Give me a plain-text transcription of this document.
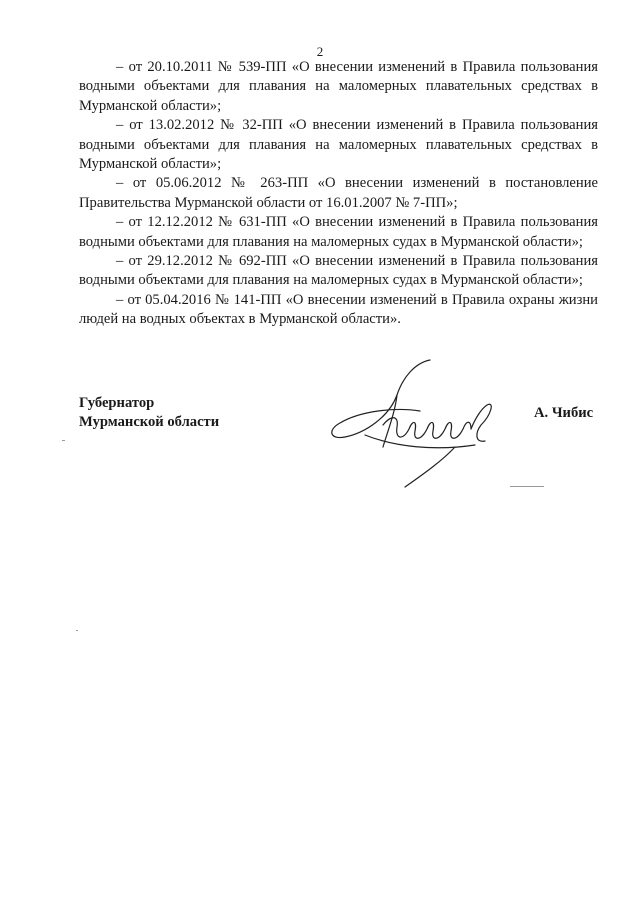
2

– от 20.10.2011 № 539-ПП «О внесении изменений в Правила пользования водными объектами для плавания на маломерных плавательных средствах в Мурманской области»;

– от 13.02.2012 № 32-ПП «О внесении изменений в Правила пользования водными объектами для плавания на маломерных плавательных средствах в Мурманской области»;

– от 05.06.2012 № 263-ПП «О внесении изменений в постановление Правительства Мурманской области от 16.01.2007 № 7-ПП»;

– от 12.12.2012 № 631-ПП «О внесении изменений в Правила пользования водными объектами для плавания на маломерных судах в Мурманской области»;

– от 29.12.2012 № 692-ПП «О внесении изменений в Правила пользования водными объектами для плавания на маломерных судах в Мурманской области»;

– от 05.04.2016 № 141-ПП «О внесении изменений в Правила охраны жизни людей на водных объектах в Мурманской области».

Губернатор
Мурманской области
А. Чибис
